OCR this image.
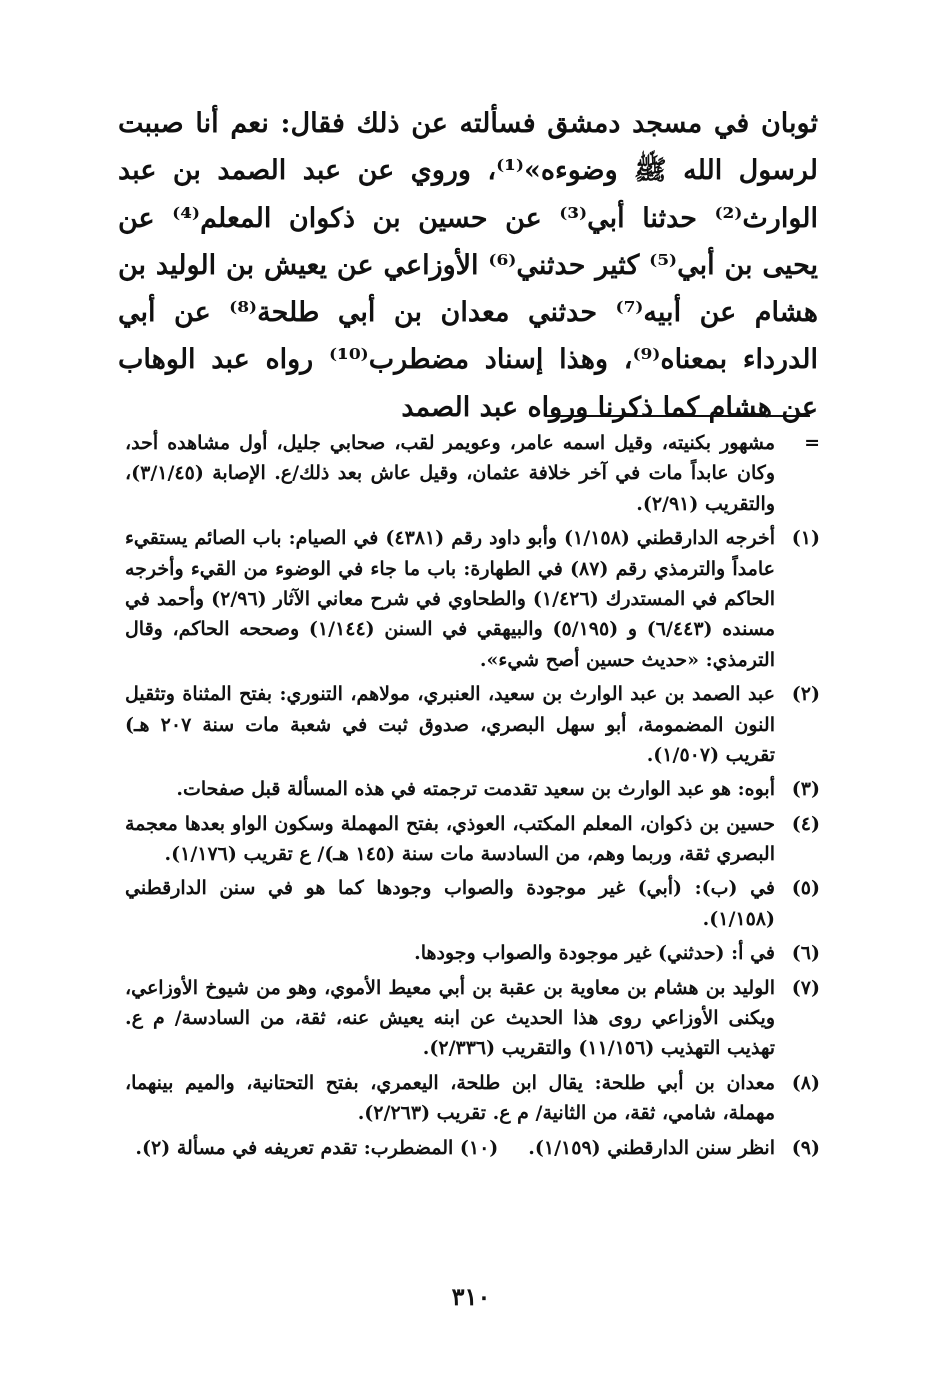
ثوبان في مسجد دمشق فسألته عن ذلك فقال: نعم أنا صببت لرسول الله ﷺ وضوءه»⁽¹⁾، وروي عن عبد الصمد بن عبد الوارث⁽²⁾ حدثنا أبي⁽³⁾ عن حسين بن ذكوان المعلم⁽⁴⁾ عن يحيى بن أبي⁽⁵⁾ كثير حدثني⁽⁶⁾ الأوزاعي عن يعيش بن الوليد بن هشام عن أبيه⁽⁷⁾ حدثني معدان بن أبي طلحة⁽⁸⁾ عن أبي الدرداء بمعناه⁽⁹⁾، وهذا إسناد مضطرب⁽¹⁰⁾ رواه عبد الوهاب عن هشام كما ذكرنا ورواه عبد الصمد

=
مشهور بكنيته، وقيل اسمه عامر، وعويمر لقب، صحابي جليل، أول مشاهده أحد، وكان عابداً مات في آخر خلافة عثمان، وقيل عاش بعد ذلك/ع. الإصابة (٣/١/٤٥)، والتقريب (٢/٩١).
(١)
أخرجه الدارقطني (١/١٥٨) وأبو داود رقم (٤٣٨١) في الصيام: باب الصائم يستقيء عامداً والترمذي رقم (٨٧) في الطهارة: باب ما جاء في الوضوء من القيء وأخرجه الحاكم في المستدرك (١/٤٢٦) والطحاوي في شرح معاني الآثار (٢/٩٦) وأحمد في مسنده (٦/٤٤٣) و (٥/١٩٥) والبيهقي في السنن (١/١٤٤) وصححه الحاكم، وقال الترمذي: «حديث حسين أصح شيء».
(٢)
عبد الصمد بن عبد الوارث بن سعيد، العنبري، مولاهم، التنوري: بفتح المثناة وتثقيل النون المضمومة، أبو سهل البصري، صدوق ثبت في شعبة مات سنة ٢٠٧ هـ) تقريب (١/٥٠٧).
(٣)
أبوه: هو عبد الوارث بن سعيد تقدمت ترجمته في هذه المسألة قبل صفحات.
(٤)
حسين بن ذكوان، المعلم المكتب، العوذي، بفتح المهملة وسكون الواو بعدها معجمة البصري ثقة، وربما وهم، من السادسة مات سنة (١٤٥ هـ)/ ع تقريب (١/١٧٦).
(٥)
في (ب): (أبي) غير موجودة والصواب وجودها كما هو في سنن الدارقطني (١/١٥٨).
(٦)
في أ: (حدثني) غير موجودة والصواب وجودها.
(٧)
الوليد بن هشام بن معاوية بن عقبة بن أبي معيط الأموي، وهو من شيوخ الأوزاعي، ويكنى الأوزاعي روى هذا الحديث عن ابنه يعيش عنه، ثقة، من السادسة/ م ع. تهذيب التهذيب (١١/١٥٦) والتقريب (٢/٣٣٦).
(٨)
معدان بن أبي طلحة: يقال ابن طلحة، اليعمري، بفتح التحتانية، والميم بينهما، مهملة، شامي، ثقة، من الثانية/ م ع. تقريب (٢/٢٦٣).
(٩)
انظر سنن الدارقطني (١/١٥٩).
(١٠) المضطرب: تقدم تعريفه في مسألة (٢).
٣١٠
